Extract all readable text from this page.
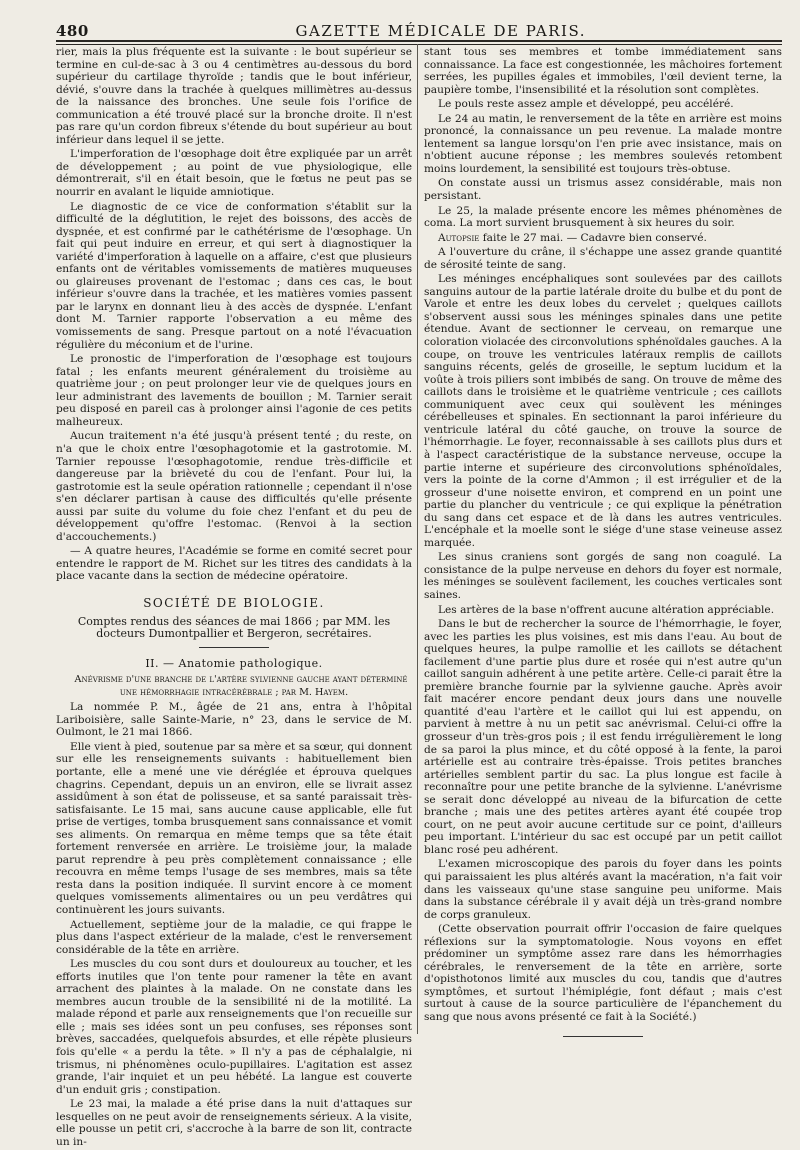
480	GAZETTE MÉDICALE DE PARIS.

rier, mais la plus fréquente est la suivante : le bout supérieur se termine en cul-de-sac à 3 ou 4 centimètres au-dessous du bord supérieur du cartilage thyroïde ; tandis que le bout inférieur, dévié, s'ouvre dans la trachée à quelques millimètres au-dessus de la naissance des bronches. Une seule fois l'orifice de communication a été trouvé placé sur la bronche droite. Il n'est pas rare qu'un cordon fibreux s'étende du bout supérieur au bout inférieur dans lequel il se jette.

L'imperforation de l'œsophage doit être expliquée par un arrêt de développement ; au point de vue physiologique, elle démontrerait, s'il en était besoin, que le fœtus ne peut pas se nourrir en avalant le liquide amniotique.

Le diagnostic de ce vice de conformation s'établit sur la difficulté de la déglutition, le rejet des boissons, des accès de dyspnée, et est confirmé par le cathétérisme de l'œsophage. Un fait qui peut induire en erreur, et qui sert à diagnostiquer la variété d'imperforation à laquelle on a affaire, c'est que plusieurs enfants ont de véritables vomissements de matières muqueuses ou glaireuses provenant de l'estomac ; dans ces cas, le bout inférieur s'ouvre dans la trachée, et les matières vomies passent par le larynx en donnant lieu à des accès de dyspnée. L'enfant dont M. Tarnier rapporte l'observation a eu même des vomissements de sang. Presque partout on a noté l'évacuation régulière du méconium et de l'urine.

Le pronostic de l'imperforation de l'œsophage est toujours fatal ; les enfants meurent généralement du troisième au quatrième jour ; on peut prolonger leur vie de quelques jours en leur administrant des lavements de bouillon ; M. Tarnier serait peu disposé en pareil cas à prolonger ainsi l'agonie de ces petits malheureux.

Aucun traitement n'a été jusqu'à présent tenté ; du reste, on n'a que le choix entre l'œsophagotomie et la gastrotomie. M. Tarnier repousse l'œsophagotomie, rendue très-difficile et dangereuse par la brièveté du cou de l'enfant. Pour lui, la gastrotomie est la seule opération rationnelle ; cependant il n'ose s'en déclarer partisan à cause des difficultés qu'elle présente aussi par suite du volume du foie chez l'enfant et du peu de développement qu'offre l'estomac. (Renvoi à la section d'accouchements.)

— A quatre heures, l'Académie se forme en comité secret pour entendre le rapport de M. Richet sur les titres des candidats à la place vacante dans la section de médecine opératoire.

SOCIÉTÉ DE BIOLOGIE.
Comptes rendus des séances de mai 1866 ; par MM. les docteurs Dumontpallier et Bergeron, secrétaires.
II. — Anatomie pathologique.

Anévrisme d'une branche de l'artère sylvienne gauche ayant déterminé une hémorrhagie intracérébrale ; par M. Hayem.

La nommée P. M., âgée de 21 ans, entra à l'hôpital Lariboisière, salle Sainte-Marie, n° 23, dans le service de M. Oulmont, le 21 mai 1866.

Elle vient à pied, soutenue par sa mère et sa sœur, qui donnent sur elle les renseignements suivants : habituellement bien portante, elle a mené une vie déréglée et éprouva quelques chagrins. Cependant, depuis un an environ, elle se livrait assez assidûment à son état de polisseuse, et sa santé paraissait très-satisfaisante. Le 15 mai, sans aucune cause applicable, elle fut prise de vertiges, tomba brusquement sans connaissance et vomit ses aliments. On remarqua en même temps que sa tête était fortement renversée en arrière. Le troisième jour, la malade parut reprendre à peu près complètement connaissance ; elle recouvra en même temps l'usage de ses membres, mais sa tête resta dans la position indiquée. Il survint encore à ce moment quelques vomissements alimentaires ou un peu verdâtres qui continuèrent les jours suivants.

Actuellement, septième jour de la maladie, ce qui frappe le plus dans l'aspect extérieur de la malade, c'est le renversement considérable de la tête en arrière.

Les muscles du cou sont durs et douloureux au toucher, et les efforts inutiles que l'on tente pour ramener la tête en avant arrachent des plaintes à la malade. On ne constate dans les membres aucun trouble de la sensibilité ni de la motilité. La malade répond et parle aux renseignements que l'on recueille sur elle ; mais ses idées sont un peu confuses, ses réponses sont brèves, saccadées, quelquefois absurdes, et elle répète plusieurs fois qu'elle « a perdu la tête. » Il n'y a pas de céphalalgie, ni trismus, ni phénomènes oculo-pupillaires. L'agitation est assez grande, l'air inquiet et un peu hébété. La langue est couverte d'un enduit gris ; constipation.

Le 23 mai, la malade a été prise dans la nuit d'attaques sur lesquelles on ne peut avoir de renseignements sérieux. A la visite, elle pousse un petit cri, s'accroche à la barre de son lit, contracte un in-

stant tous ses membres et tombe immédiatement sans connaissance. La face est congestionnée, les mâchoires fortement serrées, les pupilles égales et immobiles, l'œil devient terne, la paupière tombe, l'insensibilité et la résolution sont complètes.

Le pouls reste assez ample et développé, peu accéléré.

Le 24 au matin, le renversement de la tête en arrière est moins prononcé, la connaissance un peu revenue. La malade montre lentement sa langue lorsqu'on l'en prie avec insistance, mais on n'obtient aucune réponse ; les membres soulevés retombent moins lourdement, la sensibilité est toujours très-obtuse.

On constate aussi un trismus assez considérable, mais non persistant.

Le 25, la malade présente encore les mêmes phénomènes de coma. La mort survient brusquement à six heures du soir.

Autopsie faite le 27 mai. — Cadavre bien conservé.

A l'ouverture du crâne, il s'échappe une assez grande quantité de sérosité teinte de sang.

Les méninges encéphaliques sont soulevées par des caillots sanguins autour de la partie latérale droite du bulbe et du pont de Varole et entre les deux lobes du cervelet ; quelques caillots s'observent aussi sous les méninges spinales dans une petite étendue. Avant de sectionner le cerveau, on remarque une coloration violacée des circonvolutions sphénoïdales gauches. A la coupe, on trouve les ventricules latéraux remplis de caillots sanguins récents, gelés de groseille, le septum lucidum et la voûte à trois piliers sont imbibés de sang. On trouve de même des caillots dans le troisième et le quatrième ventricule ; ces caillots communiquent avec ceux qui soulèvent les méninges cérébelleuses et spinales. En sectionnant la paroi inférieure du ventricule latéral du côté gauche, on trouve la source de l'hémorrhagie. Le foyer, reconnaissable à ses caillots plus durs et à l'aspect caractéristique de la substance nerveuse, occupe la partie interne et supérieure des circonvolutions sphénoïdales, vers la pointe de la corne d'Ammon ; il est irrégulier et de la grosseur d'une noisette environ, et comprend en un point une partie du plancher du ventricule ; ce qui explique la pénétration du sang dans cet espace et de là dans les autres ventricules. L'encéphale et la moelle sont le siége d'une stase veineuse assez marquée.

Les sinus craniens sont gorgés de sang non coagulé. La consistance de la pulpe nerveuse en dehors du foyer est normale, les méninges se soulèvent facilement, les couches verticales sont saines.

Les artères de la base n'offrent aucune altération appréciable.

Dans le but de rechercher la source de l'hémorrhagie, le foyer, avec les parties les plus voisines, est mis dans l'eau. Au bout de quelques heures, la pulpe ramollie et les caillots se détachent facilement d'une partie plus dure et rosée qui n'est autre qu'un caillot sanguin adhérent à une petite artère. Celle-ci parait être la première branche fournie par la sylvienne gauche. Après avoir fait macérer encore pendant deux jours dans une nouvelle quantité d'eau l'artère et le caillot qui lui est appendu, on parvient à mettre à nu un petit sac anévrismal. Celui-ci offre la grosseur d'un très-gros pois ; il est fendu irrégulièrement le long de sa paroi la plus mince, et du côté opposé à la fente, la paroi artérielle est au contraire très-épaisse. Trois petites branches artérielles semblent partir du sac. La plus longue est facile à reconnaître pour une petite branche de la sylvienne. L'anévrisme se serait donc développé au niveau de la bifurcation de cette branche ; mais une des petites artères ayant été coupée trop court, on ne peut avoir aucune certitude sur ce point, d'ailleurs peu important. L'intérieur du sac est occupé par un petit caillot blanc rosé peu adhérent.

L'examen microscopique des parois du foyer dans les points qui paraissaient les plus altérés avant la macération, n'a fait voir dans les vaisseaux qu'une stase sanguine peu uniforme. Mais dans la substance cérébrale il y avait déjà un très-grand nombre de corps granuleux.

(Cette observation pourrait offrir l'occasion de faire quelques réflexions sur la symptomatologie. Nous voyons en effet prédominer un symptôme assez rare dans les hémorrhagies cérébrales, le renversement de la tête en arrière, sorte d'opisthotonos limité aux muscles du cou, tandis que d'autres symptômes, et surtout l'hémiplégie, font défaut ; mais c'est surtout à cause de la source particulière de l'épanchement du sang que nous avons présenté ce fait à la Société.)
